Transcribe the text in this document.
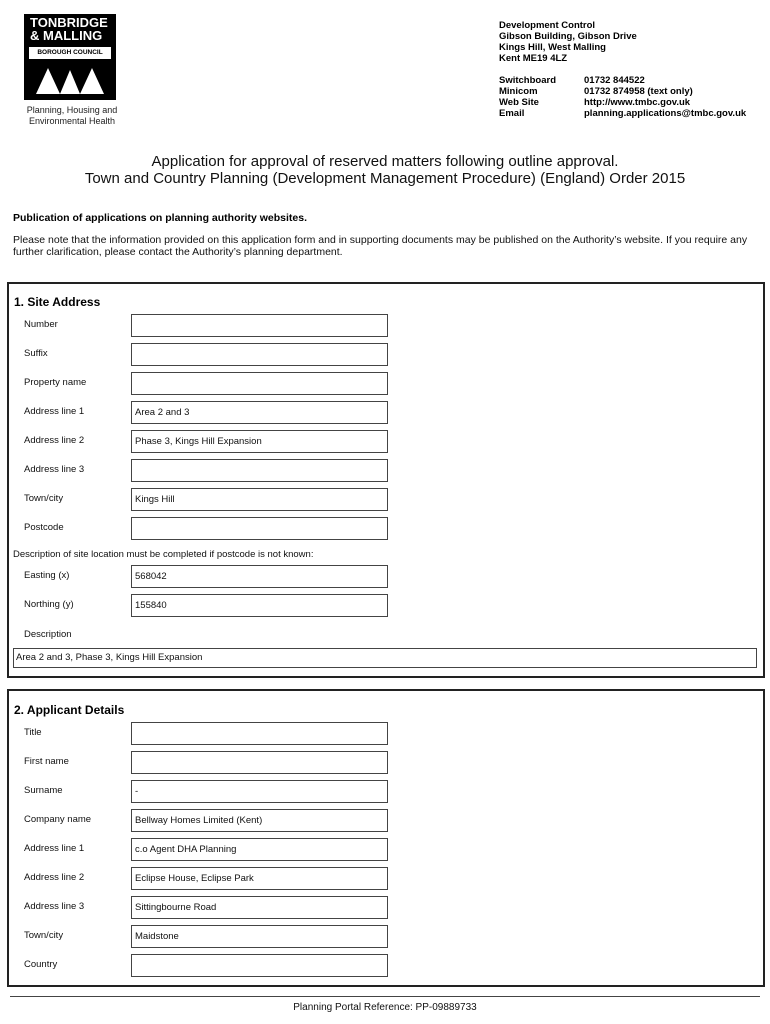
TONBRIDGE
& MALLING
BOROUGH COUNCIL
Planning, Housing and
Environmental Health
Development Control
Gibson Building, Gibson Drive
Kings Hill, West Malling
Kent ME19 4LZ
Switchboard	01732 844522
Minicom	01732 874958 (text only)
Web Site	http://www.tmbc.gov.uk
Email	planning.applications@tmbc.gov.uk
Application for approval of reserved matters following outline approval.
Town and Country Planning (Development Management Procedure) (England) Order 2015
Publication of applications on planning authority websites.
Please note that the information provided on this application form and in supporting documents may be published on the Authority’s website. If you require any further clarification, please contact the Authority’s planning department.
1. Site Address
Number
Suffix
Property name
Address line 1	Area 2 and 3
Address line 2	Phase 3, Kings Hill Expansion
Address line 3
Town/city	Kings Hill
Postcode
Description of site location must be completed if postcode is not known:
Easting (x)	568042
Northing (y)	155840
Description
Area 2 and 3, Phase 3, Kings Hill Expansion
2. Applicant Details
Title
First name
Surname	-
Company name	Bellway Homes Limited (Kent)
Address line 1	c.o Agent DHA Planning
Address line 2	Eclipse House, Eclipse Park
Address line 3	Sittingbourne Road
Town/city	Maidstone
Country
Planning Portal Reference: PP-09889733
